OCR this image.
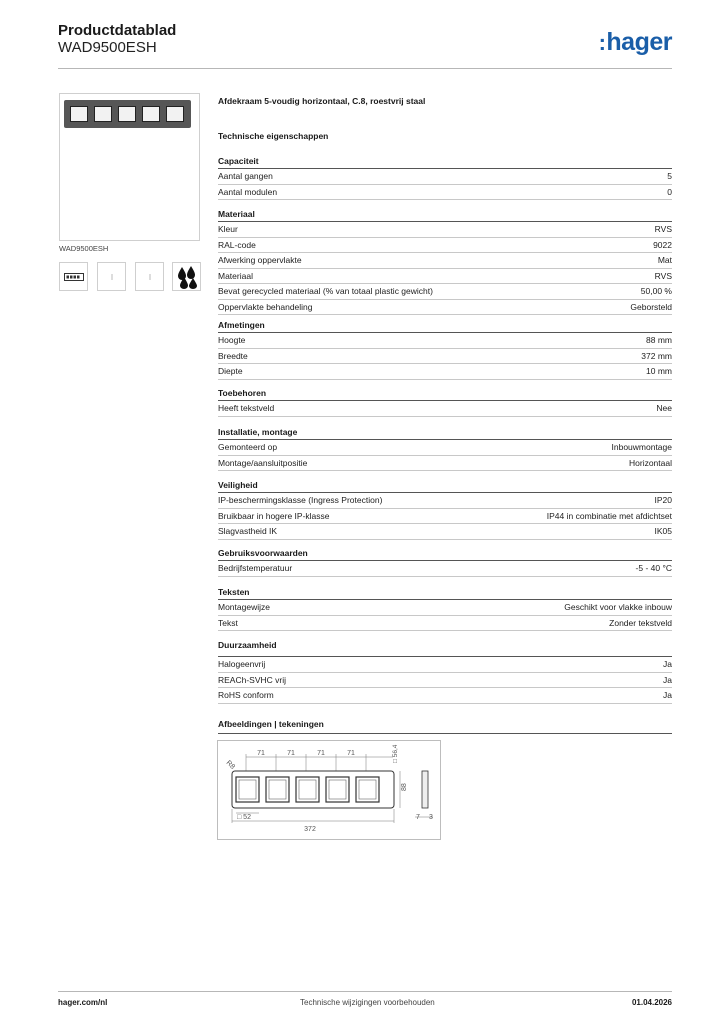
Productdatablad
WAD9500ESH	:hager
WAD9500ESH
Afdekraam 5-voudig horizontaal, C.8, roestvrij staal
Technische eigenschappen
Capaciteit
Aantal gangen	5
Aantal modulen	0
Materiaal
Kleur	RVS
RAL-code	9022
Afwerking oppervlakte	Mat
Materiaal	RVS
Bevat gerecycled materiaal (% van totaal plastic gewicht)	50,00 %
Oppervlakte behandeling	Geborsteld
Afmetingen
Hoogte	88 mm
Breedte	372 mm
Diepte	10 mm
Toebehoren
Heeft tekstveld	Nee
Installatie, montage
Gemonteerd op	Inbouwmontage
Montage/aansluitpositie	Horizontaal
Veiligheid
IP-beschermingsklasse (Ingress Protection)	IP20
Bruikbaar in hogere IP-klasse	IP44 in combinatie met afdichtset
Slagvastheid IK	IK05
Gebruiksvoorwaarden
Bedrijfstemperatuur	-5 - 40 °C
Teksten
Montagewijze	Geschikt voor vlakke inbouw
Tekst	Zonder tekstveld
Duurzaamheid
Halogeenvrij	Ja
REACh-SVHC vrij	Ja
RoHS conform	Ja
Afbeeldingen | tekeningen
71	71	71	71
R8
□ 56,4
88
7 3
□ 52
372
hager.com/nl	Technische wijzigingen voorbehouden	01.04.2026
